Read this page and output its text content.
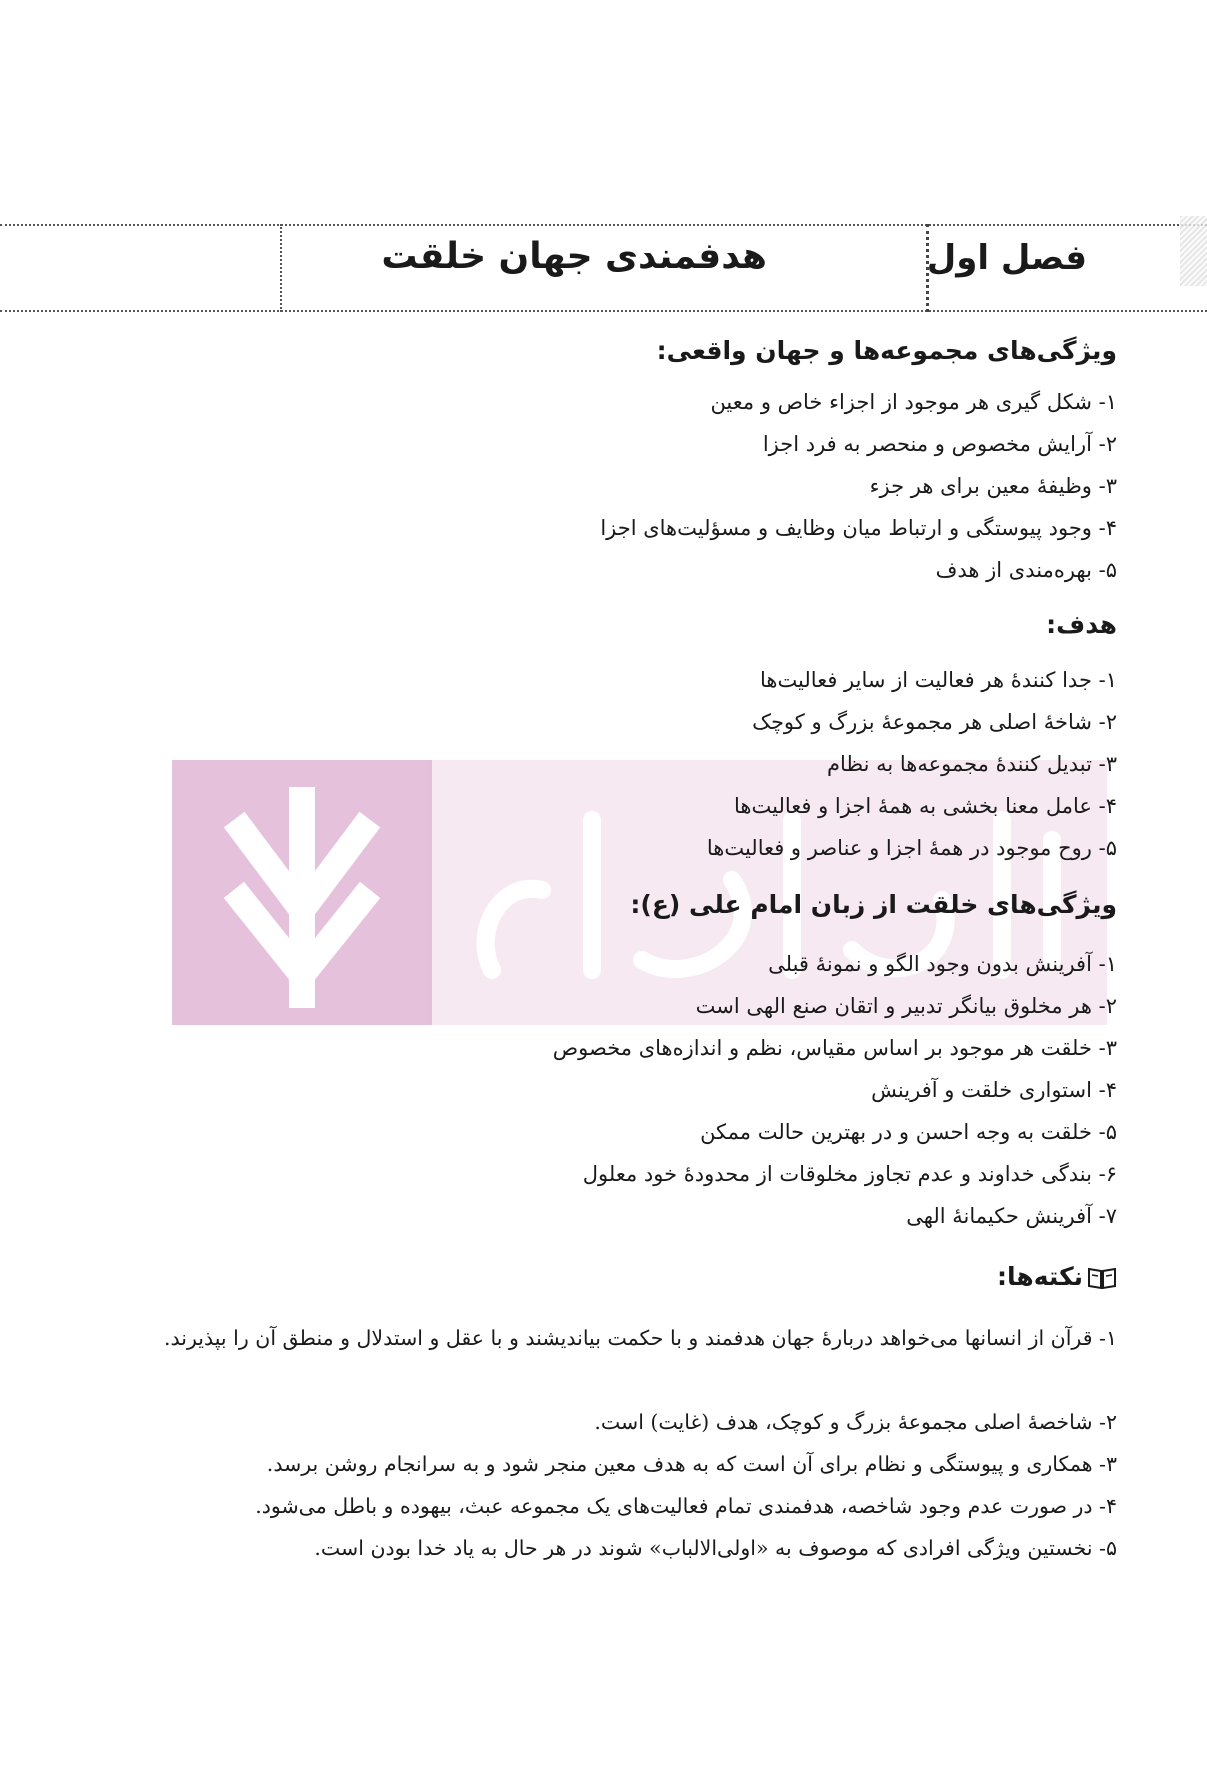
فصل اول
هدفمندی جهان خلقت
ویژگی‌های مجموعه‌ها و جهان واقعی:
۱- شکل گیری هر موجود از اجزاء خاص و معین
۲- آرایش مخصوص و منحصر به فرد اجزا
۳- وظیفهٔ معین برای هر جزء
۴- وجود پیوستگی و ارتباط میان وظایف و مسؤلیت‌های اجزا
۵- بهره‌مندی از هدف
هدف:
۱- جدا کنندهٔ هر فعالیت از سایر فعالیت‌ها
۲- شاخهٔ اصلی هر مجموعهٔ بزرگ و کوچک
۳- تبدیل کنندهٔ مجموعه‌ها به نظام
۴- عامل معنا بخشی به همهٔ اجزا و فعالیت‌ها
۵- روح موجود در همهٔ اجزا و عناصر و فعالیت‌ها
ویژگی‌های خلقت از زبان امام علی (ع):
۱- آفرینش بدون وجود الگو و نمونهٔ قبلی
۲- هر مخلوق بیانگر تدبیر و اتقان صنع الهی است
۳- خلقت هر موجود بر اساس مقیاس، نظم و اندازه‌های مخصوص
۴- استواری خلقت و آفرینش
۵- خلقت به وجه احسن و در بهترین حالت ممکن
۶- بندگی خداوند و عدم تجاوز مخلوقات از محدودهٔ خود معلول
۷- آفرینش حکیمانهٔ الهی
نکته‌ها:
۱- قرآن از انسانها می‌خواهد دربارهٔ جهان هدفمند و با حکمت بیاندیشند و با عقل و استدلال و منطق آن را بپذیرند.
۲- شاخصهٔ اصلی مجموعهٔ بزرگ و کوچک، هدف (غایت) است.
۳- همکاری و پیوستگی و نظام برای آن است که به هدف معین منجر شود و به سرانجام روشن برسد.
۴- در صورت عدم وجود شاخصه، هدفمندی تمام فعالیت‌های یک مجموعه عبث، بیهوده و باطل می‌شود.
۵- نخستین ویژگی افرادی که موصوف به «اولی‌الالباب» شوند در هر حال به یاد خدا بودن است.
